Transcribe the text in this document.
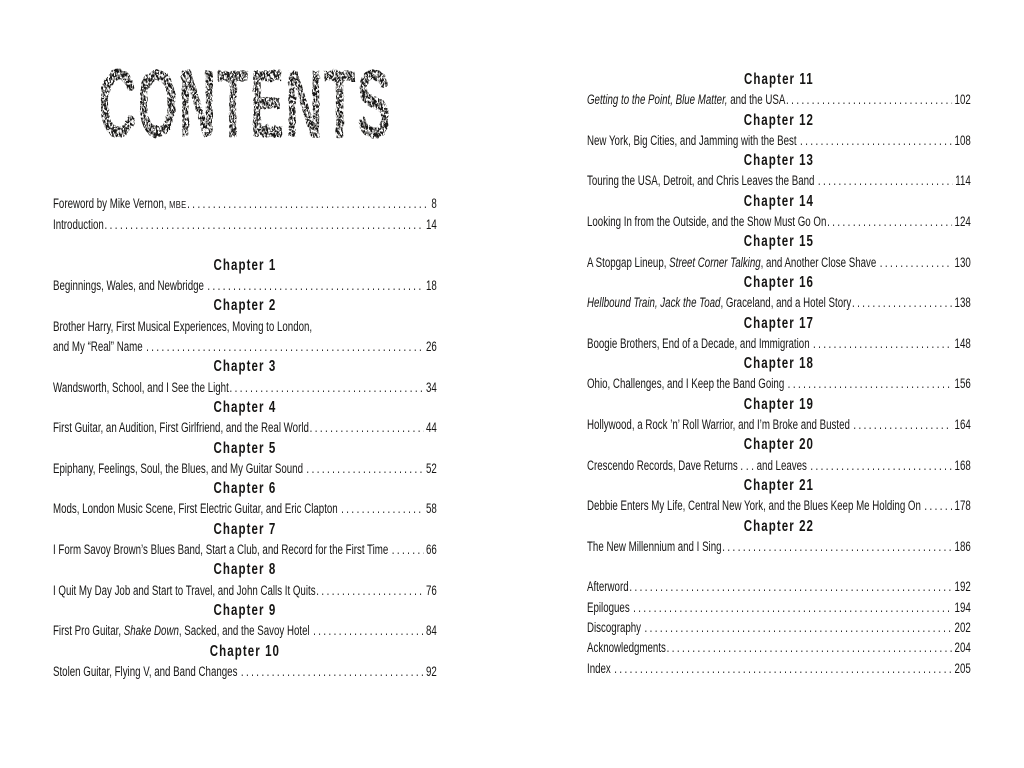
CONTENTS
Foreword by Mike Vernon, MBE .....	8
Introduction .....	14
Chapter 1
Beginnings, Wales, and Newbridge .....	18
Chapter 2
Brother Harry, First Musical Experiences, Moving to London,
and My “Real” Name .....	26
Chapter 3
Wandsworth, School, and I See the Light .....	34
Chapter 4
First Guitar, an Audition, First Girlfriend, and the Real World .....	44
Chapter 5
Epiphany, Feelings, Soul, the Blues, and My Guitar Sound .....	52
Chapter 6
Mods, London Music Scene, First Electric Guitar, and Eric Clapton .....	58
Chapter 7
I Form Savoy Brown’s Blues Band, Start a Club, and Record for the First Time .....	66
Chapter 8
I Quit My Day Job and Start to Travel, and John Calls It Quits .....	76
Chapter 9
First Pro Guitar, Shake Down, Sacked, and the Savoy Hotel .....	84
Chapter 10
Stolen Guitar, Flying V, and Band Changes .....	92
Chapter 11
Getting to the Point, Blue Matter, and the USA .....	102
Chapter 12
New York, Big Cities, and Jamming with the Best .....	108
Chapter 13
Touring the USA, Detroit, and Chris Leaves the Band .....	114
Chapter 14
Looking In from the Outside, and the Show Must Go On .....	124
Chapter 15
A Stopgap Lineup, Street Corner Talking, and Another Close Shave .....	130
Chapter 16
Hellbound Train, Jack the Toad, Graceland, and a Hotel Story .....	138
Chapter 17
Boogie Brothers, End of a Decade, and Immigration .....	148
Chapter 18
Ohio, Challenges, and I Keep the Band Going .....	156
Chapter 19
Hollywood, a Rock ’n’ Roll Warrior, and I’m Broke and Busted .....	164
Chapter 20
Crescendo Records, Dave Returns . . . and Leaves .....	168
Chapter 21
Debbie Enters My Life, Central New York, and the Blues Keep Me Holding On ..... 178
Chapter 22
The New Millennium and I Sing .....	186
Afterword .....	192
Epilogues .....	194
Discography .....	202
Acknowledgments .....	204
Index .....	205
